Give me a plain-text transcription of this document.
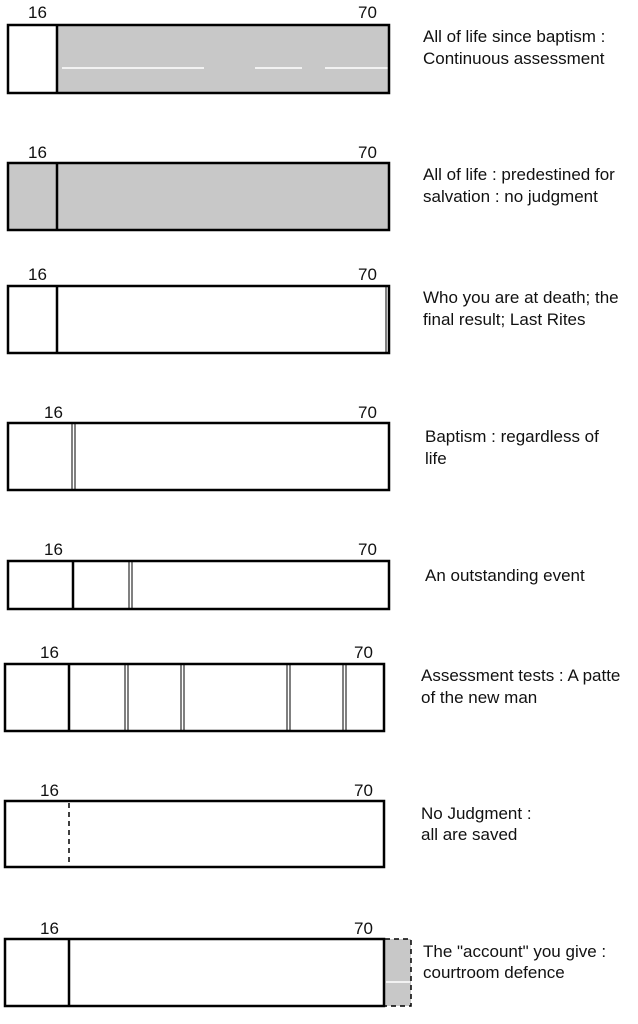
16	70
All of life since baptism :
Continuous assessment
16	70
All of life : predestined for
salvation : no judgment
16	70
Who you are at death; the
final result; Last Rites
16	70
Baptism : regardless of
life
16	70
An outstanding event
16	70
Assessment tests : A patte
of the new man
16	70
No Judgment :
all are saved
16	70
The "account" you give :
courtroom defence
